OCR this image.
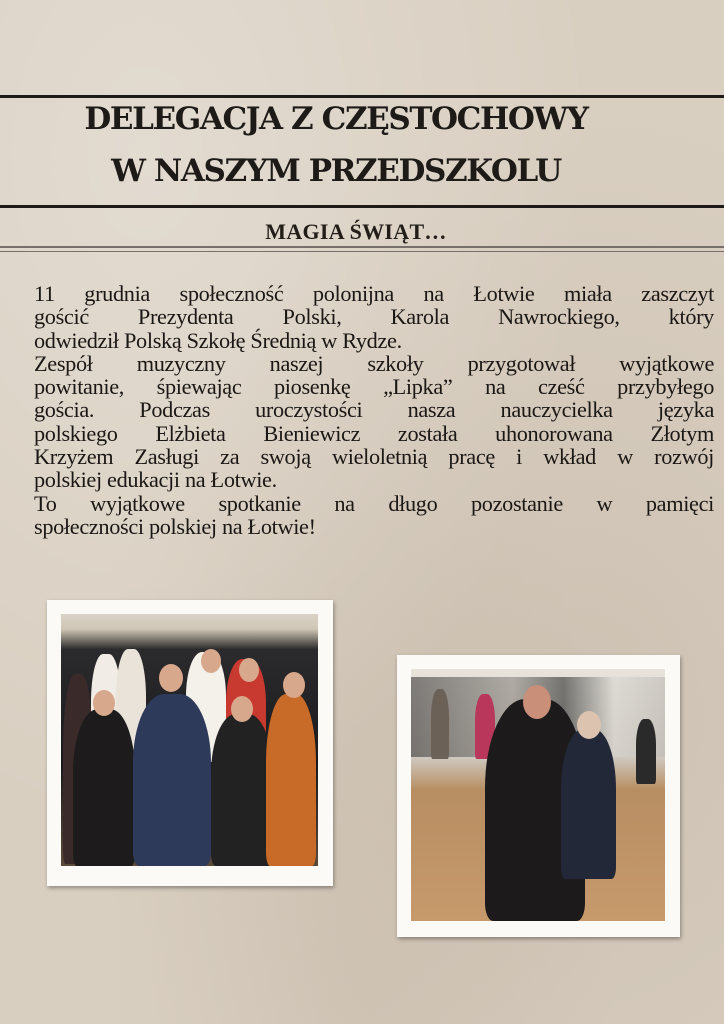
DELEGACJA Z CZĘSTOCHOWY
W NASZYM PRZEDSZKOLU
MAGIA ŚWIĄT…
11 grudnia społeczność polonijna na Łotwie miała zaszczyt
gościć Prezydenta Polski, Karola Nawrockiego, który
odwiedził Polską Szkołę Średnią w Rydze.
Zespół muzyczny naszej szkoły przygotował wyjątkowe
powitanie, śpiewając piosenkę „Lipka” na cześć przybyłego
gościa. Podczas uroczystości nasza nauczycielka języka
polskiego Elżbieta Bieniewicz została uhonorowana Złotym
Krzyżem Zasługi za swoją wieloletnią pracę i wkład w rozwój
polskiej edukacji na Łotwie.
To wyjątkowe spotkanie na długo pozostanie w pamięci
społeczności polskiej na Łotwie!
